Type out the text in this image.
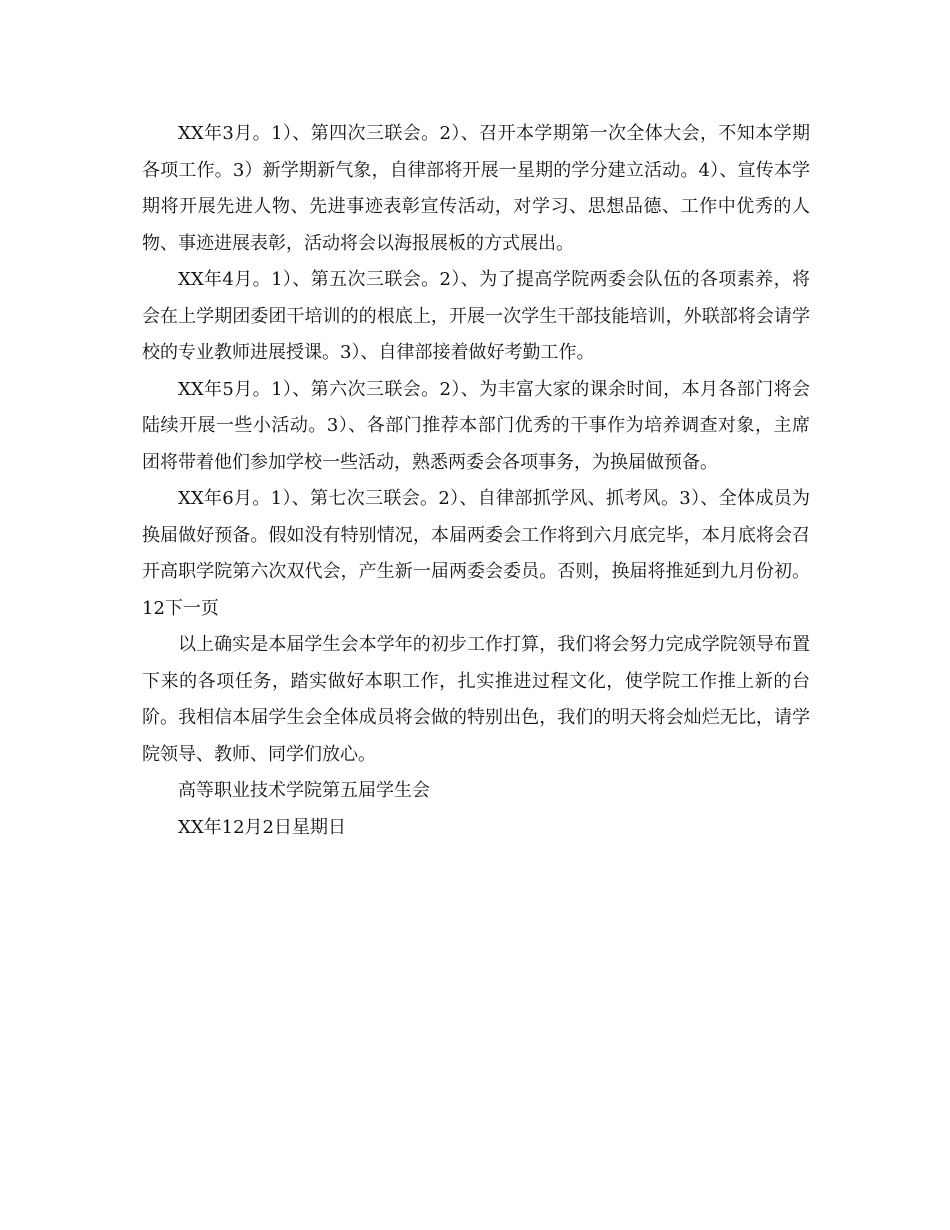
XX年3月。1）、第四次三联会。2）、召开本学期第一次全体大会，不知本学期各项工作。3）新学期新气象，自律部将开展一星期的学分建立活动。4）、宣传本学期将开展先进人物、先进事迹表彰宣传活动，对学习、思想品德、工作中优秀的人物、事迹进展表彰，活动将会以海报展板的方式展出。

XX年4月。1）、第五次三联会。2）、为了提高学院两委会队伍的各项素养，将会在上学期团委团干培训的的根底上，开展一次学生干部技能培训，外联部将会请学校的专业教师进展授课。3）、自律部接着做好考勤工作。

XX年5月。1）、第六次三联会。2）、为丰富大家的课余时间，本月各部门将会陆续开展一些小活动。3）、各部门推荐本部门优秀的干事作为培养调查对象，主席团将带着他们参加学校一些活动，熟悉两委会各项事务，为换届做预备。

XX年6月。1）、第七次三联会。2）、自律部抓学风、抓考风。3）、全体成员为换届做好预备。假如没有特别情况，本届两委会工作将到六月底完毕，本月底将会召开高职学院第六次双代会，产生新一届两委会委员。否则，换届将推延到九月份初。12下一页

以上确实是本届学生会本学年的初步工作打算，我们将会努力完成学院领导布置下来的各项任务，踏实做好本职工作，扎实推进过程文化，使学院工作推上新的台阶。我相信本届学生会全体成员将会做的特别出色，我们的明天将会灿烂无比，请学院领导、教师、同学们放心。

高等职业技术学院第五届学生会

XX年12月2日星期日
